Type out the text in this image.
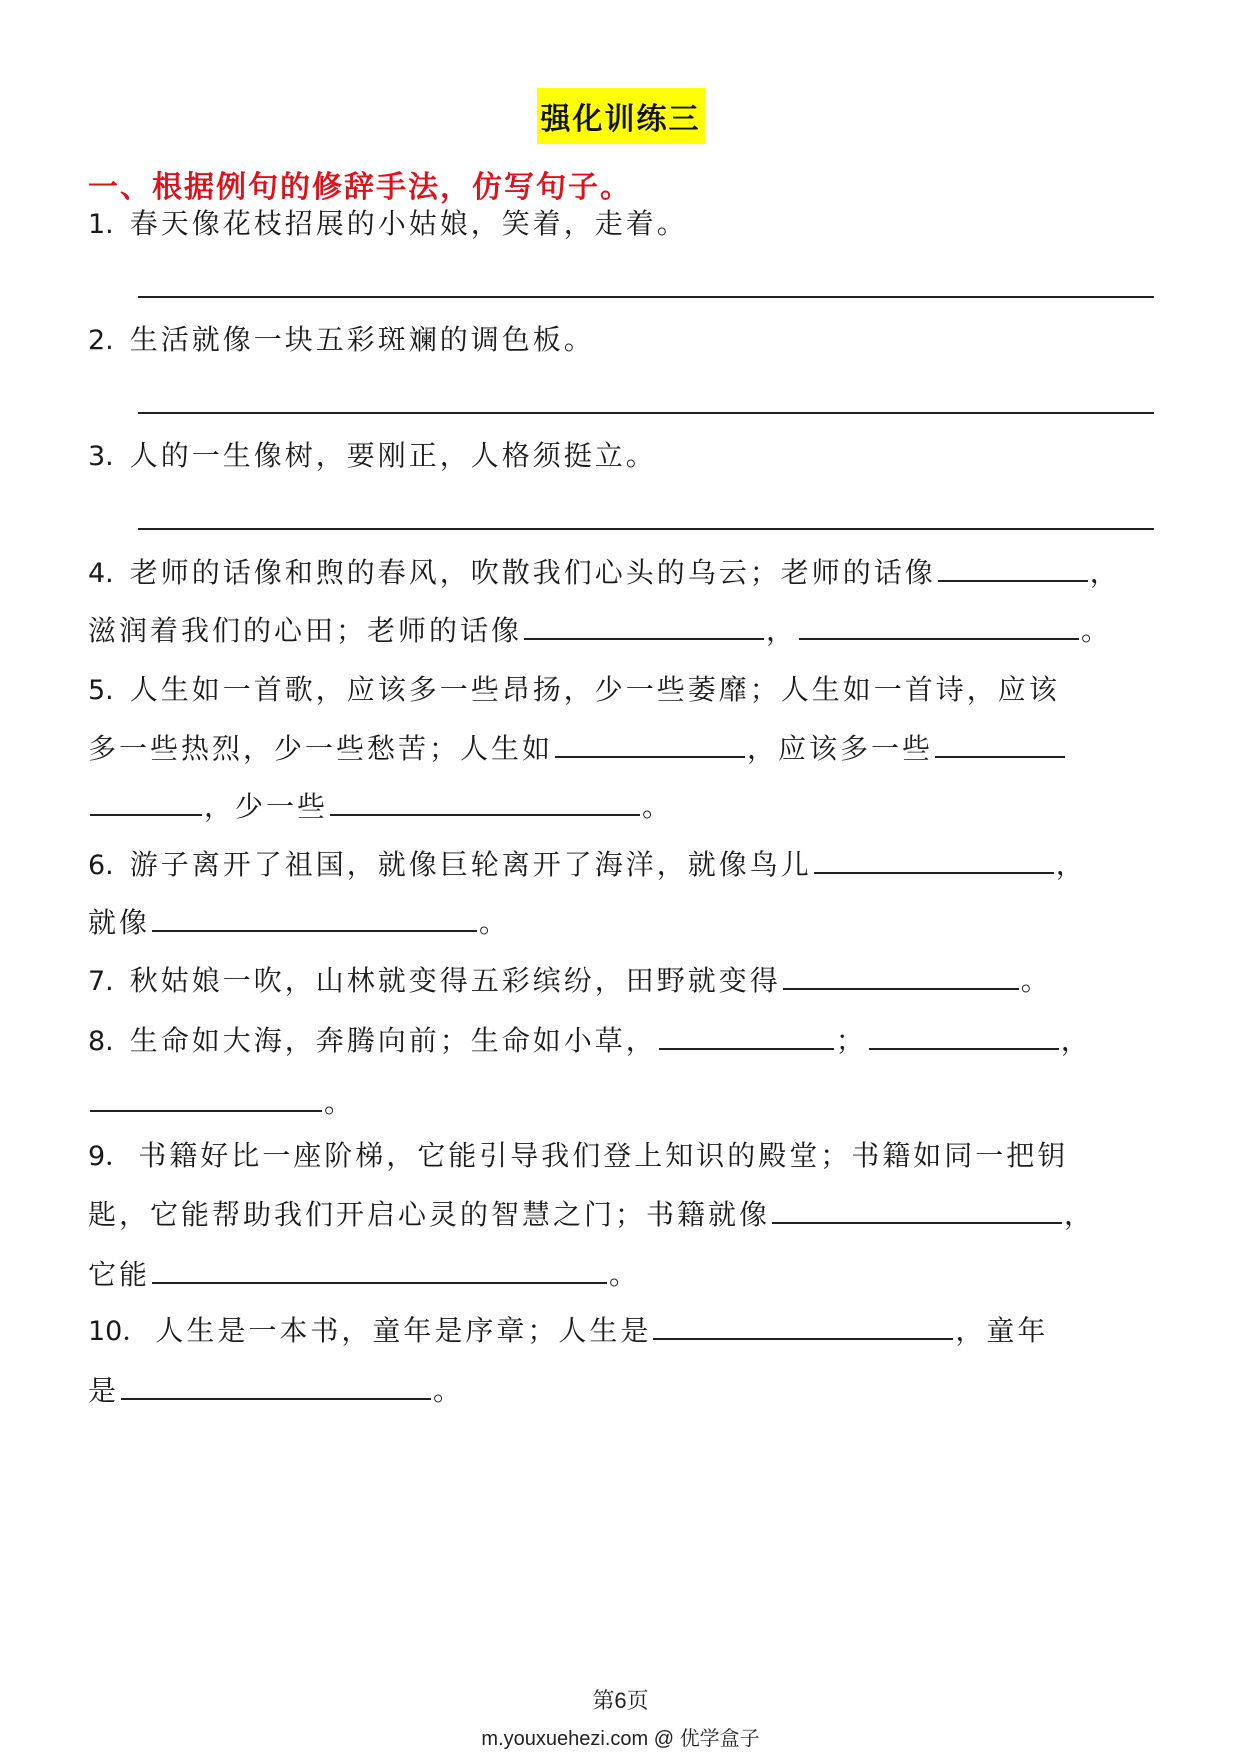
强化训练三
一、根据例句的修辞手法，仿写句子。
1. 春天像花枝招展的小姑娘，笑着，走着。
2. 生活就像一块五彩斑斓的调色板。
3. 人的一生像树，要刚正，人格须挺立。
4. 老师的话像和煦的春风，吹散我们心头的乌云；老师的话像	，
滋润着我们的心田；老师的话像	，	。
5. 人生如一首歌，应该多一些昂扬，少一些萎靡；人生如一首诗，应该
多一些热烈，少一些愁苦；人生如	，应该多一些
，少一些	。
6. 游子离开了祖国，就像巨轮离开了海洋，就像鸟儿	，
就像	。
7. 秋姑娘一吹，山林就变得五彩缤纷，田野就变得	。
8. 生命如大海，奔腾向前；生命如小草，	；	，
。
9． 书籍好比一座阶梯，它能引导我们登上知识的殿堂；书籍如同一把钥
匙，它能帮助我们开启心灵的智慧之门；书籍就像	，
它能	。
10． 人生是一本书，童年是序章；人生是	，童年
是	。
第6页
m.youxuehezi.com @ 优学盒子
